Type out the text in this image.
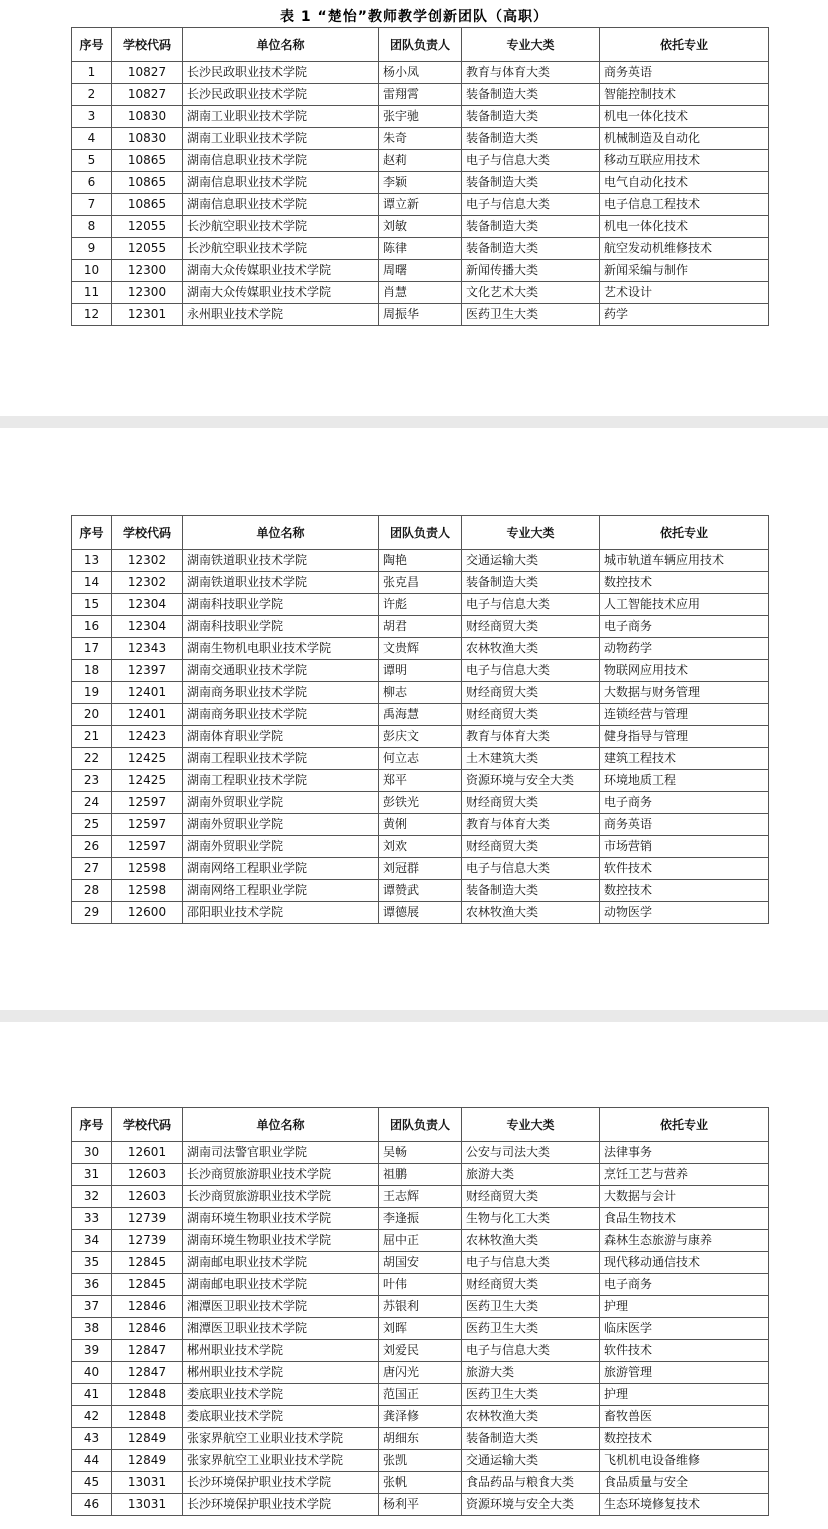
表 1 “楚怡”教师教学创新团队（高职）
序号	学校代码	单位名称	团队负责人	专业大类	依托专业
1	10827	长沙民政职业技术学院	杨小凤	教育与体育大类	商务英语
2	10827	长沙民政职业技术学院	雷翔霄	装备制造大类	智能控制技术
3	10830	湖南工业职业技术学院	张宇驰	装备制造大类	机电一体化技术
4	10830	湖南工业职业技术学院	朱奇	装备制造大类	机械制造及自动化
5	10865	湖南信息职业技术学院	赵莉	电子与信息大类	移动互联应用技术
6	10865	湖南信息职业技术学院	李颖	装备制造大类	电气自动化技术
7	10865	湖南信息职业技术学院	谭立新	电子与信息大类	电子信息工程技术
8	12055	长沙航空职业技术学院	刘敏	装备制造大类	机电一体化技术
9	12055	长沙航空职业技术学院	陈律	装备制造大类	航空发动机维修技术
10	12300	湖南大众传媒职业技术学院	周曙	新闻传播大类	新闻采编与制作
11	12300	湖南大众传媒职业技术学院	肖慧	文化艺术大类	艺术设计
12	12301	永州职业技术学院	周振华	医药卫生大类	药学
序号	学校代码	单位名称	团队负责人	专业大类	依托专业
13	12302	湖南铁道职业技术学院	陶艳	交通运输大类	城市轨道车辆应用技术
14	12302	湖南铁道职业技术学院	张克昌	装备制造大类	数控技术
15	12304	湖南科技职业学院	许彪	电子与信息大类	人工智能技术应用
16	12304	湖南科技职业学院	胡君	财经商贸大类	电子商务
17	12343	湖南生物机电职业技术学院	文贵辉	农林牧渔大类	动物药学
18	12397	湖南交通职业技术学院	谭明	电子与信息大类	物联网应用技术
19	12401	湖南商务职业技术学院	柳志	财经商贸大类	大数据与财务管理
20	12401	湖南商务职业技术学院	禹海慧	财经商贸大类	连锁经营与管理
21	12423	湖南体育职业学院	彭庆文	教育与体育大类	健身指导与管理
22	12425	湖南工程职业技术学院	何立志	土木建筑大类	建筑工程技术
23	12425	湖南工程职业技术学院	郑平	资源环境与安全大类	环境地质工程
24	12597	湖南外贸职业学院	彭铁光	财经商贸大类	电子商务
25	12597	湖南外贸职业学院	黄俐	教育与体育大类	商务英语
26	12597	湖南外贸职业学院	刘欢	财经商贸大类	市场营销
27	12598	湖南网络工程职业学院	刘冠群	电子与信息大类	软件技术
28	12598	湖南网络工程职业学院	谭赞武	装备制造大类	数控技术
29	12600	邵阳职业技术学院	谭德展	农林牧渔大类	动物医学
序号	学校代码	单位名称	团队负责人	专业大类	依托专业
30	12601	湖南司法警官职业学院	吴畅	公安与司法大类	法律事务
31	12603	长沙商贸旅游职业技术学院	祖鹏	旅游大类	烹饪工艺与营养
32	12603	长沙商贸旅游职业技术学院	王志辉	财经商贸大类	大数据与会计
33	12739	湖南环境生物职业技术学院	李逢振	生物与化工大类	食品生物技术
34	12739	湖南环境生物职业技术学院	屈中正	农林牧渔大类	森林生态旅游与康养
35	12845	湖南邮电职业技术学院	胡国安	电子与信息大类	现代移动通信技术
36	12845	湖南邮电职业技术学院	叶伟	财经商贸大类	电子商务
37	12846	湘潭医卫职业技术学院	苏银利	医药卫生大类	护理
38	12846	湘潭医卫职业技术学院	刘晖	医药卫生大类	临床医学
39	12847	郴州职业技术学院	刘爱民	电子与信息大类	软件技术
40	12847	郴州职业技术学院	唐闪光	旅游大类	旅游管理
41	12848	娄底职业技术学院	范国正	医药卫生大类	护理
42	12848	娄底职业技术学院	龚泽修	农林牧渔大类	畜牧兽医
43	12849	张家界航空工业职业技术学院	胡细东	装备制造大类	数控技术
44	12849	张家界航空工业职业技术学院	张凯	交通运输大类	飞机机电设备维修
45	13031	长沙环境保护职业技术学院	张帆	食品药品与粮食大类	食品质量与安全
46	13031	长沙环境保护职业技术学院	杨利平	资源环境与安全大类	生态环境修复技术
